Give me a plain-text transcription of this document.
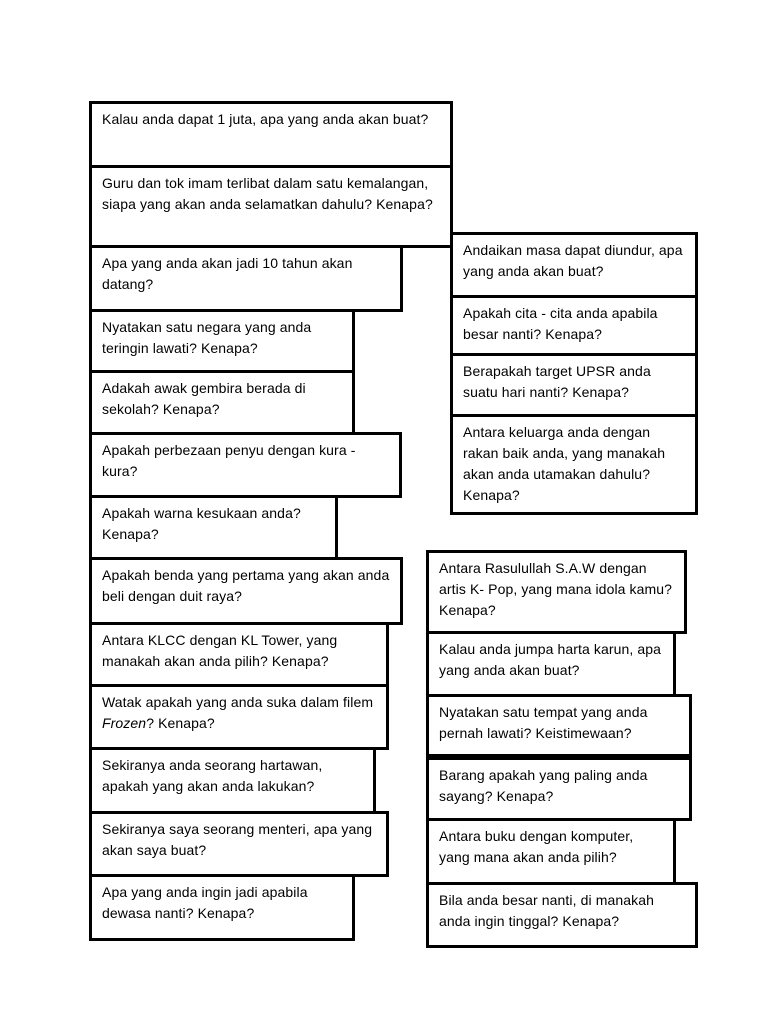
Kalau anda dapat 1 juta, apa yang anda akan buat?
Guru dan tok imam terlibat dalam satu kemalangan, siapa yang akan anda selamatkan dahulu? Kenapa?
Apa yang anda akan jadi 10 tahun akan datang?
Nyatakan satu negara yang anda teringin lawati? Kenapa?
Adakah awak gembira berada di sekolah? Kenapa?
Apakah perbezaan penyu dengan kura - kura?
Apakah warna kesukaan anda? Kenapa?
Apakah benda yang pertama yang akan anda beli dengan duit raya?
Antara KLCC dengan KL Tower, yang manakah akan anda pilih? Kenapa?
Watak apakah yang anda suka dalam filem Frozen? Kenapa?
Sekiranya anda seorang hartawan, apakah yang akan anda lakukan?
Sekiranya saya seorang menteri, apa yang akan saya buat?
Apa yang anda ingin jadi apabila dewasa nanti? Kenapa?
Andaikan masa dapat diundur, apa yang anda akan buat?
Apakah cita - cita anda apabila besar nanti? Kenapa?
Berapakah target UPSR anda suatu hari nanti? Kenapa?
Antara keluarga anda dengan rakan baik anda, yang manakah akan anda utamakan dahulu? Kenapa?
Antara Rasulullah S.A.W dengan artis K- Pop, yang mana idola kamu? Kenapa?
Kalau anda jumpa harta karun, apa yang anda akan buat?
Nyatakan satu tempat yang anda pernah lawati? Keistimewaan?
Barang apakah yang paling anda sayang? Kenapa?
Antara buku dengan komputer, yang mana akan anda pilih?
Bila anda besar nanti, di manakah anda ingin tinggal? Kenapa?
